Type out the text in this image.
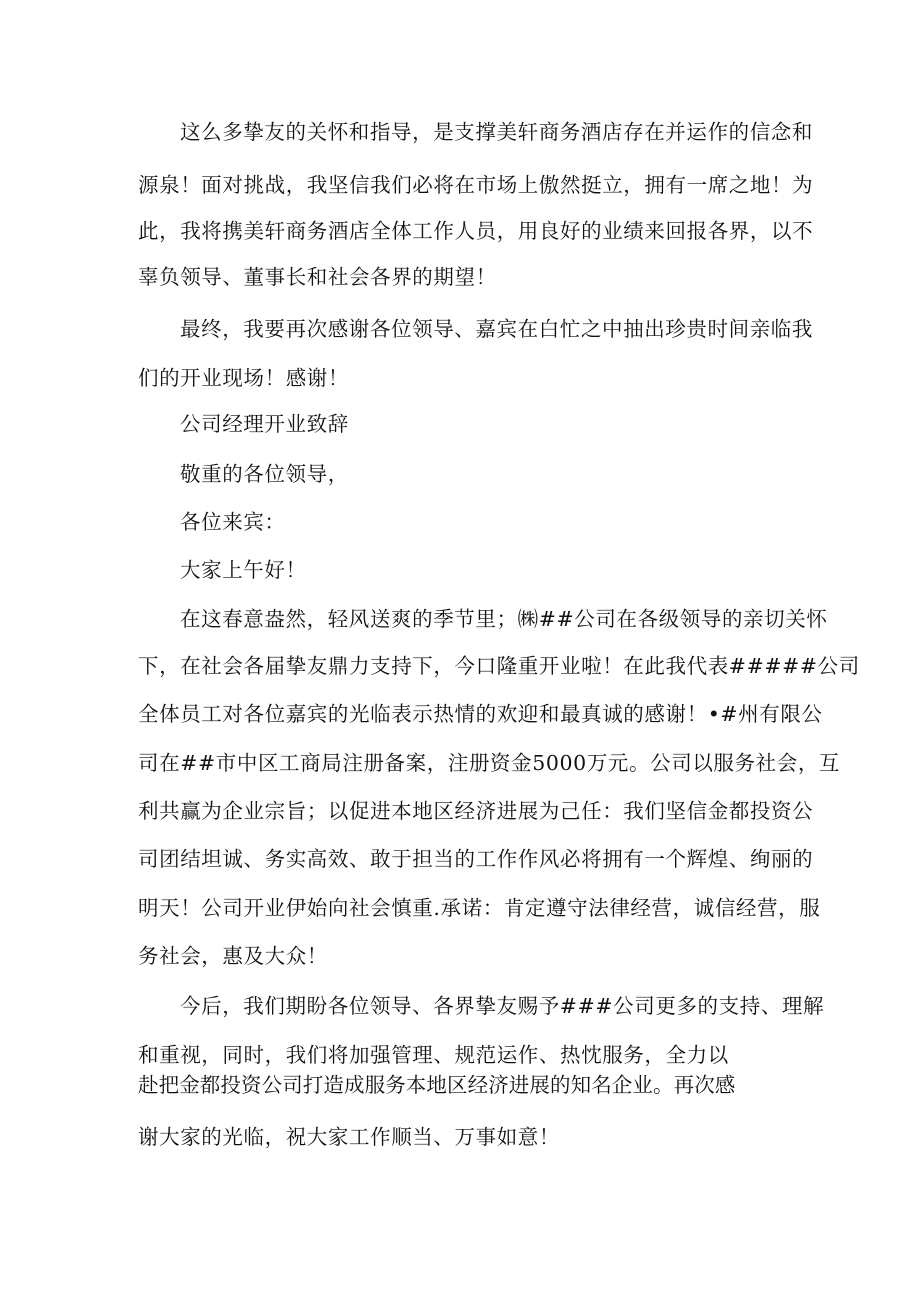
这么多挚友的关怀和指导，是支撑美轩商务酒店存在并运作的信念和
源泉！面对挑战，我坚信我们必将在市场上傲然挺立，拥有一席之地！为
此，我将携美轩商务酒店全体工作人员，用良好的业绩来回报各界，以不
辜负领导、董事长和社会各界的期望！
最终，我要再次感谢各位领导、嘉宾在白忙之中抽出珍贵时间亲临我
们的开业现场！感谢！
公司经理开业致辞
敬重的各位领导，
各位来宾：
大家上午好！
在这春意盎然，轻风送爽的季节里；㈱##公司在各级领导的亲切关怀
下，在社会各届挚友鼎力支持下，今口隆重开业啦！在此我代表#####公司
全体员工对各位嘉宾的光临表示热情的欢迎和最真诚的感谢！•#州有限公
司在##市中区工商局注册备案，注册资金5000万元。公司以服务社会，互
利共赢为企业宗旨；以促进本地区经济进展为己任：我们坚信金都投资公
司团结坦诚、务实高效、敢于担当的工作作风必将拥有一个辉煌、绚丽的
明天！公司开业伊始向社会慎重.承诺：肯定遵守法律经营，诚信经营，服
务社会，惠及大众！
今后，我们期盼各位领导、各界挚友赐予###公司更多的支持、理解
和重视，同时，我们将加强管理、规范运作、热忱服务，全力以
赴把金都投资公司打造成服务本地区经济进展的知名企业。再次感
谢大家的光临，祝大家工作顺当、万事如意！
